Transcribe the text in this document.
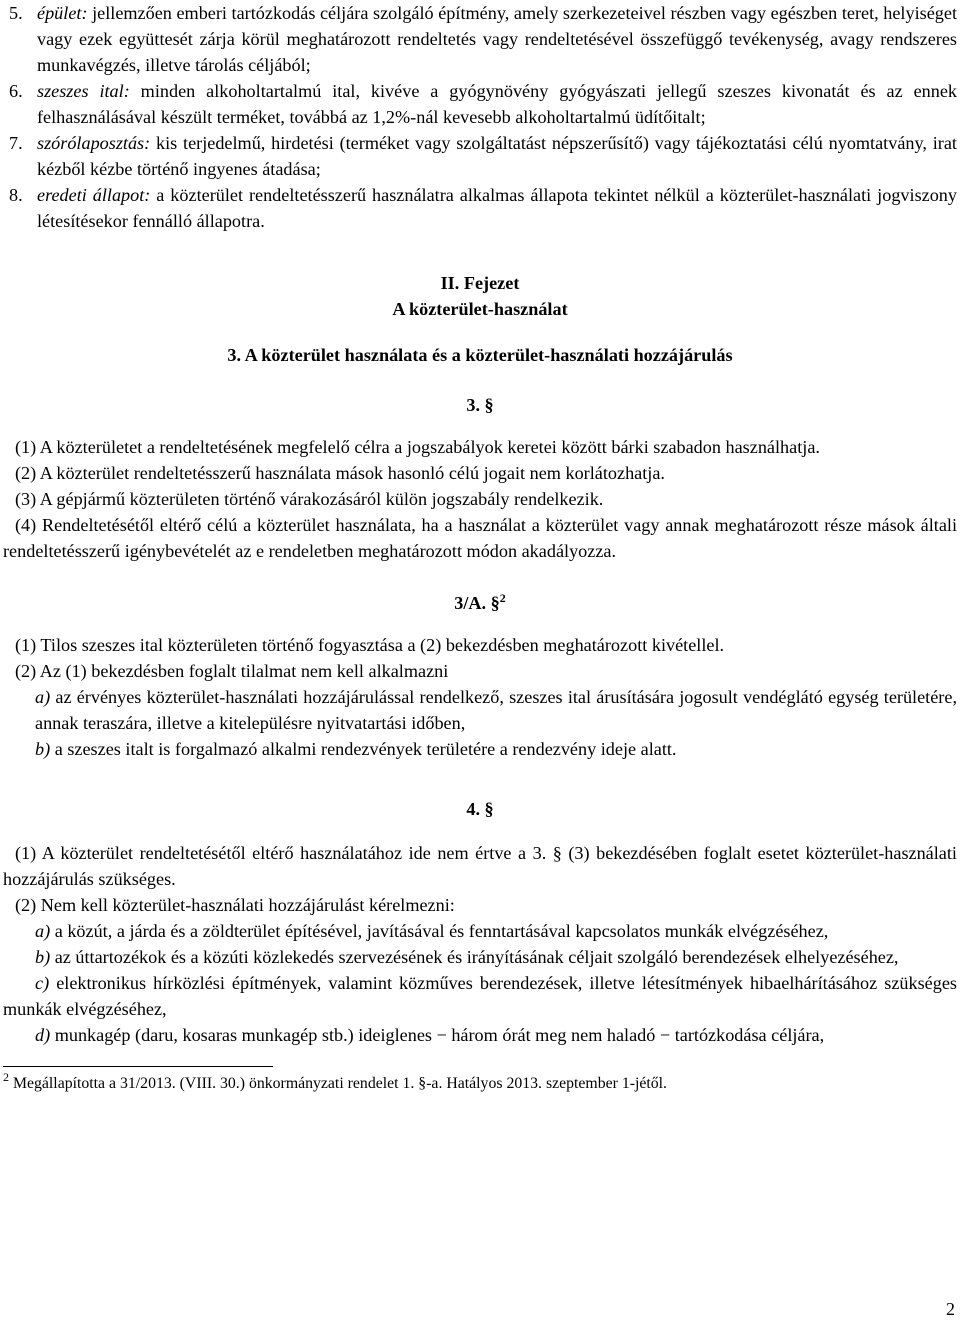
5. épület: jellemzően emberi tartózkodás céljára szolgáló építmény, amely szerkezeteivel részben vagy egészben teret, helyiséget vagy ezek együttesét zárja körül meghatározott rendeltetés vagy rendeltetésével összefüggő tevékenység, avagy rendszeres munkavégzés, illetve tárolás céljából;
6. szeszes ital: minden alkoholtartalmú ital, kivéve a gyógynövény gyógyászati jellegű szeszes kivonatát és az ennek felhasználásával készült terméket, továbbá az 1,2%-nál kevesebb alkoholtartalmú üdítőitalt;
7. szórólaposztás: kis terjedelmű, hirdetési (terméket vagy szolgáltatást népszerűsítő) vagy tájékoztatási célú nyomtatvány, irat kézből kézbe történő ingyenes átadása;
8. eredeti állapot: a közterület rendeltetésszerű használatra alkalmas állapota tekintet nélkül a közterület-használati jogviszony létesítésekor fennálló állapotra.

II. Fejezet

A közterület-használat

3. A közterület használata és a közterület-használati hozzájárulás

3. §

(1) A közterületet a rendeltetésének megfelelő célra a jogszabályok keretei között bárki szabadon használhatja.

(2) A közterület rendeltetésszerű használata mások hasonló célú jogait nem korlátozhatja.

(3) A gépjármű közterületen történő várakozásáról külön jogszabály rendelkezik.

(4) Rendeltetésétől eltérő célú a közterület használata, ha a használat a közterület vagy annak meghatározott része mások általi rendeltetésszerű igénybevételét az e rendeletben meghatározott módon akadályozza.

3/A. §$^2$

(1) Tilos szeszes ital közterületen történő fogyasztása a (2) bekezdésben meghatározott kivétellel.

(2) Az (1) bekezdésben foglalt tilalmat nem kell alkalmazni

a) az érvényes közterület-használati hozzájárulással rendelkező, szeszes ital árusítására jogosult vendéglátó egység területére, annak teraszára, illetve a kitelepülésre nyitvatartási időben,

b) a szeszes italt is forgalmazó alkalmi rendezvények területére a rendezvény ideje alatt.

4. §

(1) A közterület rendeltetésétől eltérő használatához ide nem értve a 3. § (3) bekezdésében foglalt esetet közterület-használati hozzájárulás szükséges.

(2) Nem kell közterület-használati hozzájárulást kérelmezni:

a) a közút, a járda és a zöldterület építésével, javításával és fenntartásával kapcsolatos munkák elvégzéséhez,

b) az úttartozékok és a közúti közlekedés szervezésének és irányításának céljait szolgáló berendezések elhelyezéséhez,

c) elektronikus hírközlési építmények, valamint közműves berendezések, illetve létesítmények hibaelhárításához szükséges munkák elvégzéséhez,

d) munkagép (daru, kosaras munkagép stb.) ideiglenes − három órát meg nem haladó − tartózkodása céljára,

$^2$ Megállapította a 31/2013. (VIII. 30.) önkormányzati rendelet 1. §-a. Hatályos 2013. szeptember 1-jétől.

2
